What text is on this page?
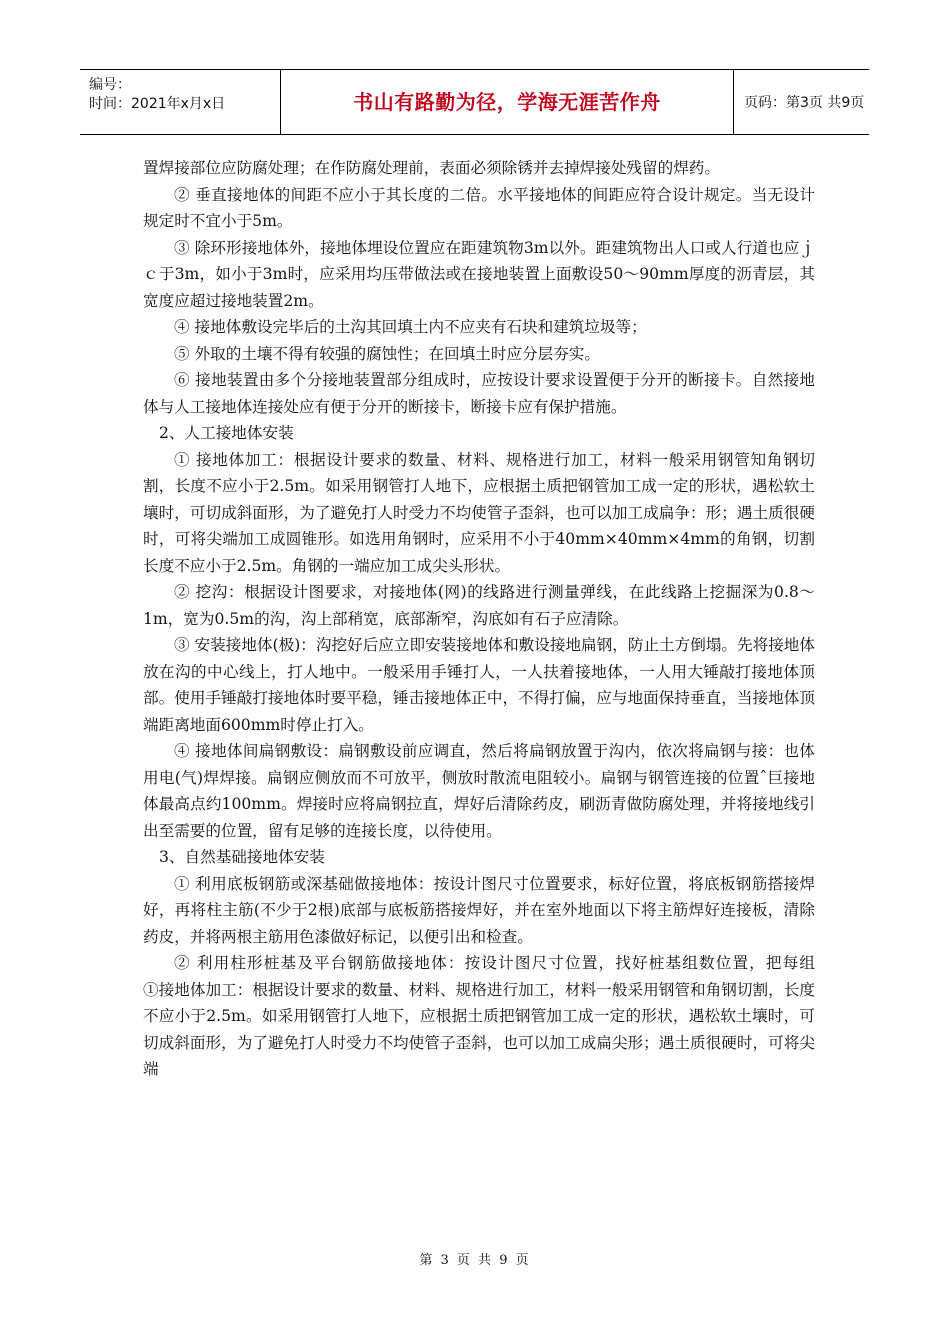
编号：
时间：2021年x月x日	书山有路勤为径，学海无涯苦作舟	页码：第3页 共9页

置焊接部位应防腐处理；在作防腐处理前，表面必须除锈并去掉焊接处残留的焊药。

② 垂直接地体的间距不应小于其长度的二倍。水平接地体的间距应符合设计规定。当无设计规定时不宜小于5m。

③ 除环形接地体外，接地体埋设位置应在距建筑物3m以外。距建筑物出人口或人行道也应ｊｃ于3m，如小于3m时，应采用均压带做法或在接地装置上面敷设50～90mm厚度的沥青层，其宽度应超过接地装置2m。

④ 接地体敷设完毕后的土沟其回填土内不应夹有石块和建筑垃圾等；

⑤ 外取的土壤不得有较强的腐蚀性；在回填土时应分层夯实。

⑥ 接地装置由多个分接地装置部分组成时，应按设计要求设置便于分开的断接卡。自然接地体与人工接地体连接处应有便于分开的断接卡，断接卡应有保护措施。

2、人工接地体安装

① 接地体加工：根据设计要求的数量、材料、规格进行加工，材料一般采用钢管知角钢切割，长度不应小于2.5m。如采用钢管打人地下，应根据土质把钢管加工成一定的形状，遇松软土壤时，可切成斜面形，为了避免打人时受力不均使管子歪斜，也可以加工成扁争：形；遇土质很硬时，可将尖端加工成圆锥形。如选用角钢时，应采用不小于40mm×40mm×4mm的角钢，切割长度不应小于2.5m。角钢的一端应加工成尖头形状。

② 挖沟：根据设计图要求，对接地体(网)的线路进行测量弹线，在此线路上挖掘深为0.8～ 1m，宽为0.5m的沟，沟上部稍宽，底部渐窄，沟底如有石子应清除。

③ 安装接地体(极)：沟挖好后应立即安装接地体和敷设接地扁钢，防止土方倒塌。先将接地体放在沟的中心线上，打人地中。一般采用手锤打人，一人扶着接地体，一人用大锤敲打接地体顶部。使用手锤敲打接地体时要平稳，锤击接地体正中，不得打偏，应与地面保持垂直，当接地体顶端距离地面600mm时停止打入。

④ 接地体间扁钢敷设：扁钢敷设前应调直，然后将扁钢放置于沟内，依次将扁钢与接：也体用电(气)焊焊接。扁钢应侧放而不可放平，侧放时散流电阻较小。扁钢与钢管连接的位置ˆ巨接地体最高点约100mm。焊接时应将扁钢拉直，焊好后清除药皮，刷沥青做防腐处理，并将接地线引出至需要的位置，留有足够的连接长度，以待使用。

3、自然基础接地体安装

① 利用底板钢筋或深基础做接地体：按设计图尺寸位置要求，标好位置，将底板钢筋搭接焊好，再将柱主筋(不少于2根)底部与底板筋搭接焊好，并在室外地面以下将主筋焊好连接板，清除药皮，并将两根主筋用色漆做好标记，以便引出和检查。

② 利用柱形桩基及平台钢筋做接地体：按设计图尺寸位置，找好桩基组数位置，把每组　　①接地体加工：根据设计要求的数量、材料、规格进行加工，材料一般采用钢管和角钢切割，长度不应小于2.5m。如采用钢管打人地下，应根据土质把钢管加工成一定的形状，遇松软土壤时，可切成斜面形，为了避免打人时受力不均使管子歪斜，也可以加工成扁尖形；遇土质很硬时，可将尖端

第 3 页 共 9 页
